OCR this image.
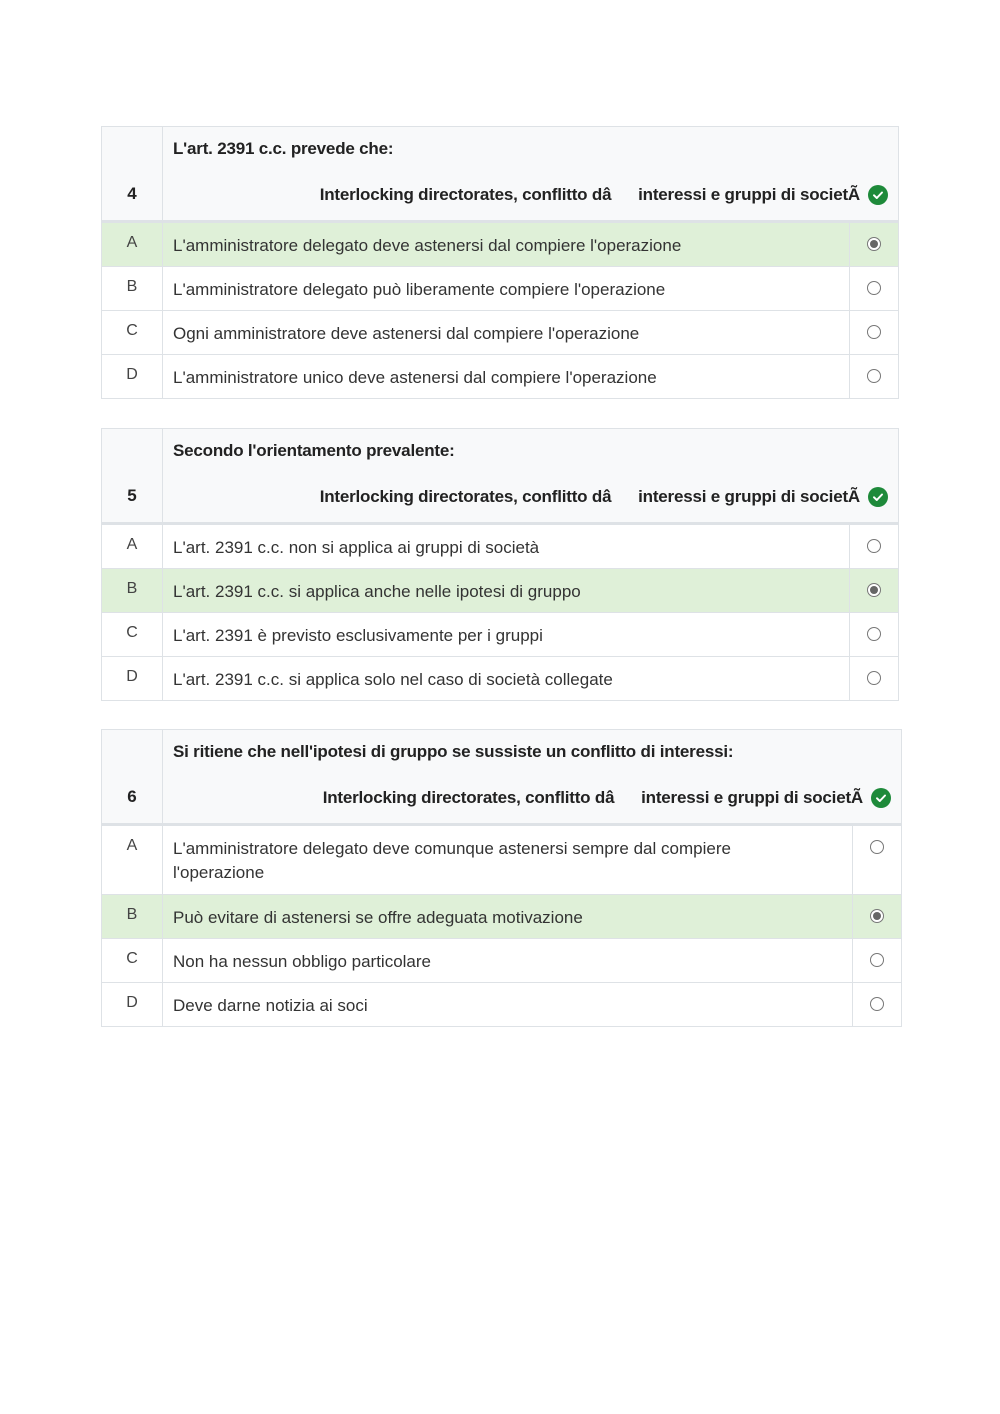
4
L'art. 2391 c.c. prevede che:
Interlocking directorates, conflitto dâinteressi e gruppi di societÃ
A	L'amministratore delegato deve astenersi dal compiere l'operazione
B	L'amministratore delegato può liberamente compiere l'operazione
C	Ogni amministratore deve astenersi dal compiere l'operazione
D	L'amministratore unico deve astenersi dal compiere l'operazione
5
Secondo l'orientamento prevalente:
Interlocking directorates, conflitto dâinteressi e gruppi di societÃ
A	L'art. 2391 c.c. non si applica ai gruppi di società
B	L'art. 2391 c.c. si applica anche nelle ipotesi di gruppo
C	L'art. 2391 è previsto esclusivamente per i gruppi
D	L'art. 2391 c.c. si applica solo nel caso di società collegate
6
Si ritiene che nell'ipotesi di gruppo se sussiste un conflitto di interessi:
Interlocking directorates, conflitto dâinteressi e gruppi di societÃ
A	L'amministratore delegato deve comunque astenersi sempre dal compiere l'operazione
B	Può evitare di astenersi se offre adeguata motivazione
C	Non ha nessun obbligo particolare
D	Deve darne notizia ai soci
